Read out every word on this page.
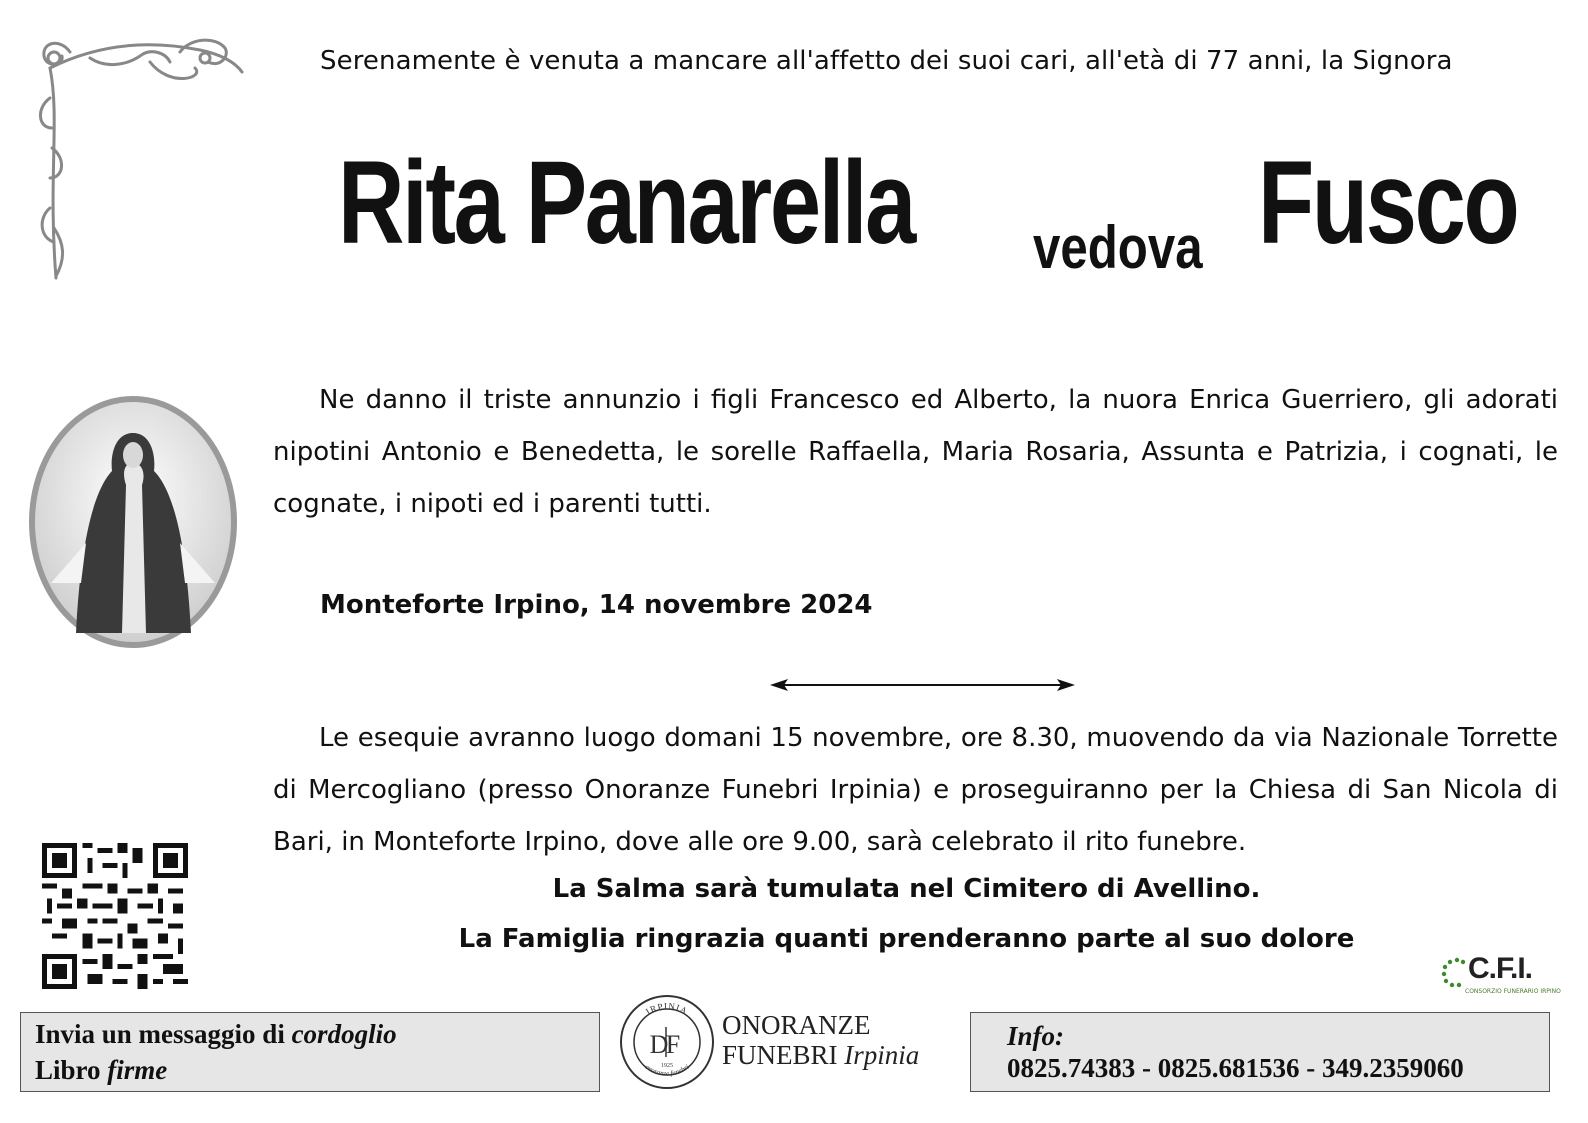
Serenamente è venuta a mancare all'affetto dei suoi cari, all'età di 77 anni, la Signora
Rita Panarella vedova Fusco
Ne danno il triste annunzio i figli Francesco ed Alberto, la nuora Enrica Guerriero, gli adorati nipotini Antonio e Benedetta, le sorelle Raffaella, Maria Rosaria, Assunta e Patrizia, i cognati, le cognate, i nipoti ed i parenti tutti.
Monteforte Irpino, 14 novembre 2024
Le esequie avranno luogo domani 15 novembre, ore 8.30, muovendo da via Nazionale Torrette di Mercogliano (presso Onoranze Funebri Irpinia) e proseguiranno per la Chiesa di San Nicola di Bari, in Monteforte Irpino, dove alle ore 9.00, sarà celebrato il rito funebre.
La Salma sarà tumulata nel Cimitero di Avellino.
La Famiglia ringrazia quanti prenderanno parte al suo dolore
C.F.I.
CONSORZIO FUNERARIO IRPINO
Invia un messaggio di cordoglio
Libro firme
IRPINIA
onoranze funebri
D
F
1925
ONORANZE
FUNEBRI Irpinia
Info:
0825.74383 - 0825.681536 - 349.2359060
